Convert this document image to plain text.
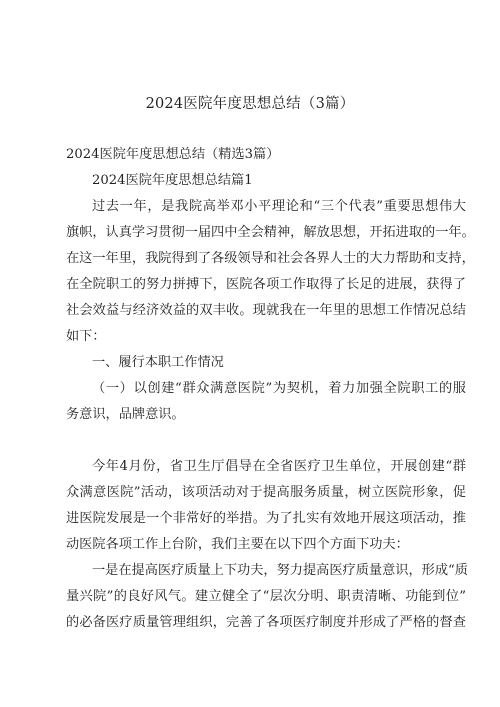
2024医院年度思想总结（3篇）
2024医院年度思想总结（精选3篇）
2024医院年度思想总结篇1
过去一年，是我院高举邓小平理论和“三个代表”重要思想伟大
旗帜，认真学习贯彻一届四中全会精神，解放思想，开拓进取的一年。
在这一年里，我院得到了各级领导和社会各界人士的大力帮助和支持，
在全院职工的努力拼搏下，医院各项工作取得了长足的进展，获得了
社会效益与经济效益的双丰收。现就我在一年里的思想工作情况总结
如下：
一、履行本职工作情况
（一）以创建“群众满意医院”为契机，着力加强全院职工的服
务意识，品牌意识。
今年4月份，省卫生厅倡导在全省医疗卫生单位，开展创建“群
众满意医院”活动，该项活动对于提高服务质量，树立医院形象，促
进医院发展是一个非常好的举措。为了扎实有效地开展这项活动，推
动医院各项工作上台阶，我们主要在以下四个方面下功夫：
一是在提高医疗质量上下功夫，努力提高医疗质量意识，形成“质
量兴院”的良好风气。建立健全了“层次分明、职责清晰、功能到位”
的必备医疗质量管理组织，完善了各项医疗制度并形成了严格的督查
